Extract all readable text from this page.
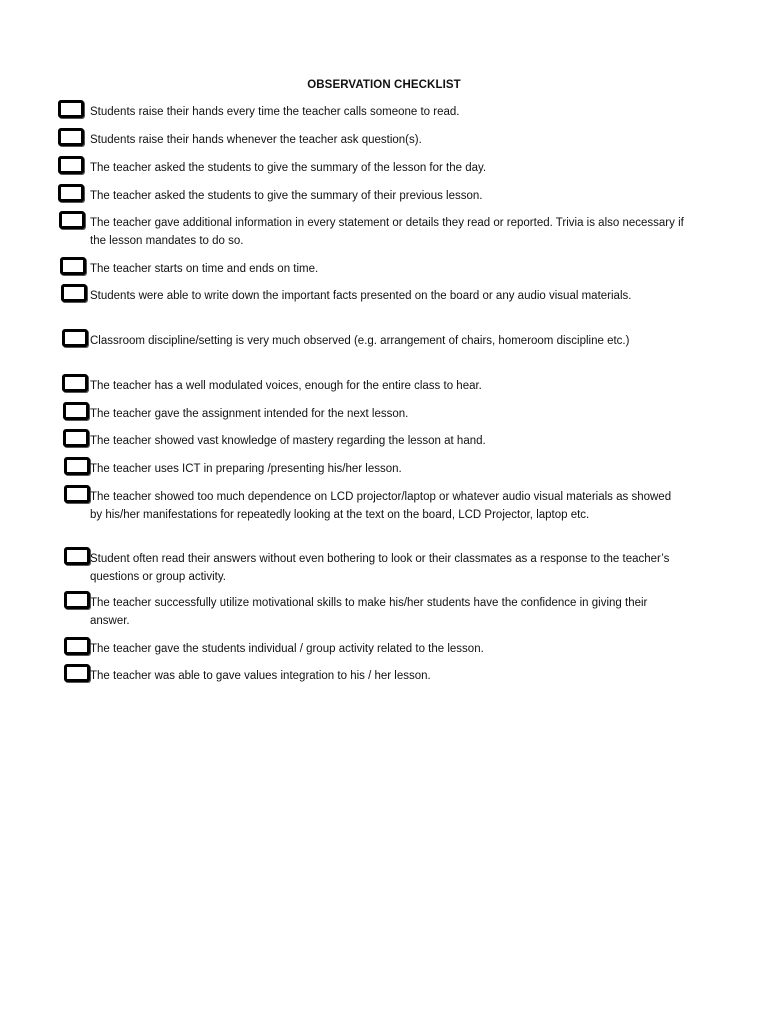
OBSERVATION CHECKLIST
Students raise their hands every time the teacher calls someone to read.
Students raise their hands whenever the teacher ask question(s).
The teacher asked the students to give the summary of the lesson for the day.
The teacher asked the students to give the summary of their previous lesson.
The teacher gave additional information in every statement or details they read or reported. Trivia is also necessary if the lesson mandates to do so.
The teacher starts on time and ends on time.
Students were able to write down the important facts presented on the board or any audio visual materials.
Classroom discipline/setting is very much observed (e.g. arrangement of chairs, homeroom discipline etc.)
The teacher has a well modulated voices, enough for the entire class to hear.
The teacher gave the assignment intended for the next lesson.
The teacher showed vast knowledge of mastery regarding the lesson at hand.
The teacher uses ICT in preparing /presenting his/her lesson.
The teacher showed too much dependence on LCD projector/laptop or whatever audio visual materials as showed by his/her manifestations for repeatedly looking at the text on the board, LCD Projector, laptop etc.
Student often read their answers without even bothering to look or their classmates as a response to the teacher’s questions or group activity.
The teacher successfully utilize motivational skills to make his/her students have the confidence in giving their answer.
The teacher gave the students individual / group activity related to the lesson.
The teacher was able to gave values integration to his / her lesson.
